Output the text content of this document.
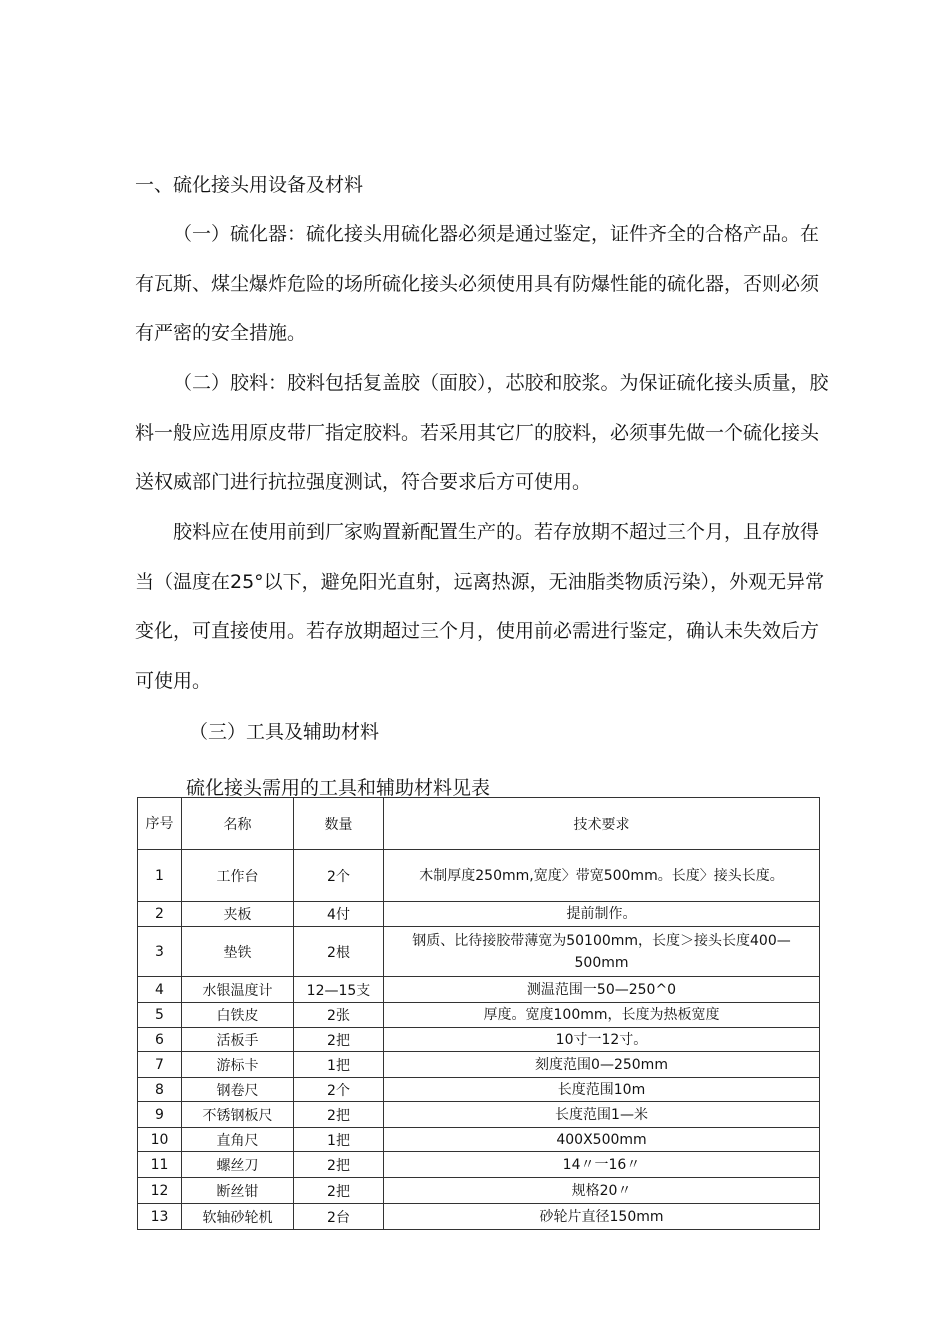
一、硫化接头用设备及材料

（一）硫化器：硫化接头用硫化器必须是通过鉴定，证件齐全的合格产品。在有瓦斯、煤尘爆炸危险的场所硫化接头必须使用具有防爆性能的硫化器，否则必须有严密的安全措施。

（二）胶料：胶料包括复盖胶（面胶），芯胶和胶浆。为保证硫化接头质量，胶料一般应选用原皮带厂指定胶料。若采用其它厂的胶料，必须事先做一个硫化接头送权威部门进行抗拉强度测试，符合要求后方可使用。

胶料应在使用前到厂家购置新配置生产的。若存放期不超过三个月，且存放得当（温度在25°以下，避免阳光直射，远离热源，无油脂类物质污染），外观无异常变化，可直接使用。若存放期超过三个月，使用前必需进行鉴定，确认未失效后方可使用。

（三）工具及辅助材料

硫化接头需用的工具和辅助材料见表

序号	名称	数量	技术要求
1	工作台	2个	木制厚度250mm,宽度〉带宽500mm。长度〉接头长度。
2	夹板	4付	提前制作。
3	垫铁	2根	钢质、比待接胶带薄宽为50100mm，长度＞接头长度400—500mm
4	水银温度计	12—15支	测温范围一50—250^0
5	白铁皮	2张	厚度。宽度100mm，长度为热板宽度
6	活板手	2把	10寸一12寸。
7	游标卡	1把	刻度范围0—250mm
8	钢卷尺	2个	长度范围10m
9	不锈钢板尺	2把	长度范围1—米
10	直角尺	1把	400X500mm
11	螺丝刀	2把	14〃一16〃
12	断丝钳	2把	规格20〃
13	软轴砂轮机	2台	砂轮片直径150mm
